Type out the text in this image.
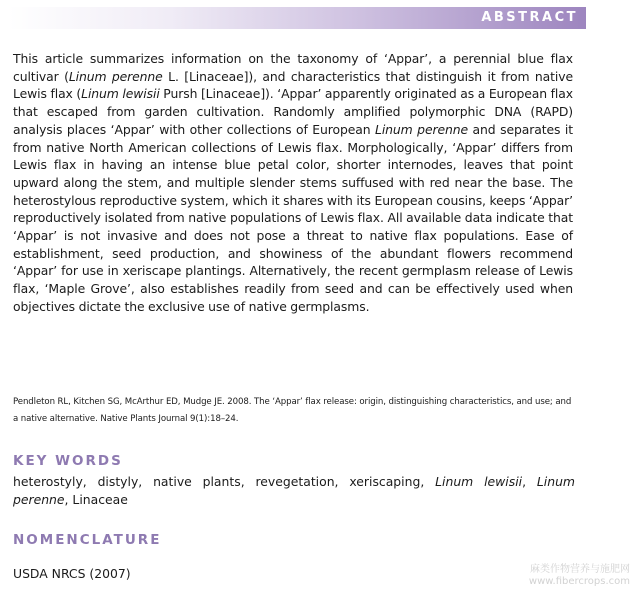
ABSTRACT

This article summarizes information on the taxonomy of ‘Appar’, a perennial blue flax cultivar (Linum perenne L. [Linaceae]), and characteristics that distinguish it from native Lewis flax (Linum lewisii Pursh [Linaceae]). ‘Appar’ apparently originated as a European flax that escaped from garden cultivation. Randomly amplified polymorphic DNA (RAPD) analysis places ‘Appar’ with other collections of European Linum perenne and separates it from native North American collections of Lewis flax. Morphologically, ‘Appar’ differs from Lewis flax in having an intense blue petal color, shorter internodes, leaves that point upward along the stem, and multiple slender stems suffused with red near the base. The heterostylous reproductive system, which it shares with its European cousins, keeps ‘Appar’ reproductively isolated from native populations of Lewis flax. All available data indicate that ‘Appar’ is not invasive and does not pose a threat to native flax populations. Ease of establishment, seed production, and showiness of the abundant flowers recommend ‘Appar’ for use in xeriscape plantings. Alternatively, the recent germplasm release of Lewis flax, ‘Maple Grove’, also establishes readily from seed and can be effectively used when objectives dictate the exclusive use of native germplasms.

Pendleton RL, Kitchen SG, McArthur ED, Mudge JE. 2008. The ‘Appar’ flax release: origin, distinguishing characteristics, and use; and a native alternative. Native Plants Journal 9(1):18–24.

KEY WORDS

heterostyly, distyly, native plants, revegetation, xeriscaping, Linum lewisii, Linum perenne, Linaceae

NOMENCLATURE

USDA NRCS (2007)	麻类作物营养与施肥网
www.fibercrops.com
